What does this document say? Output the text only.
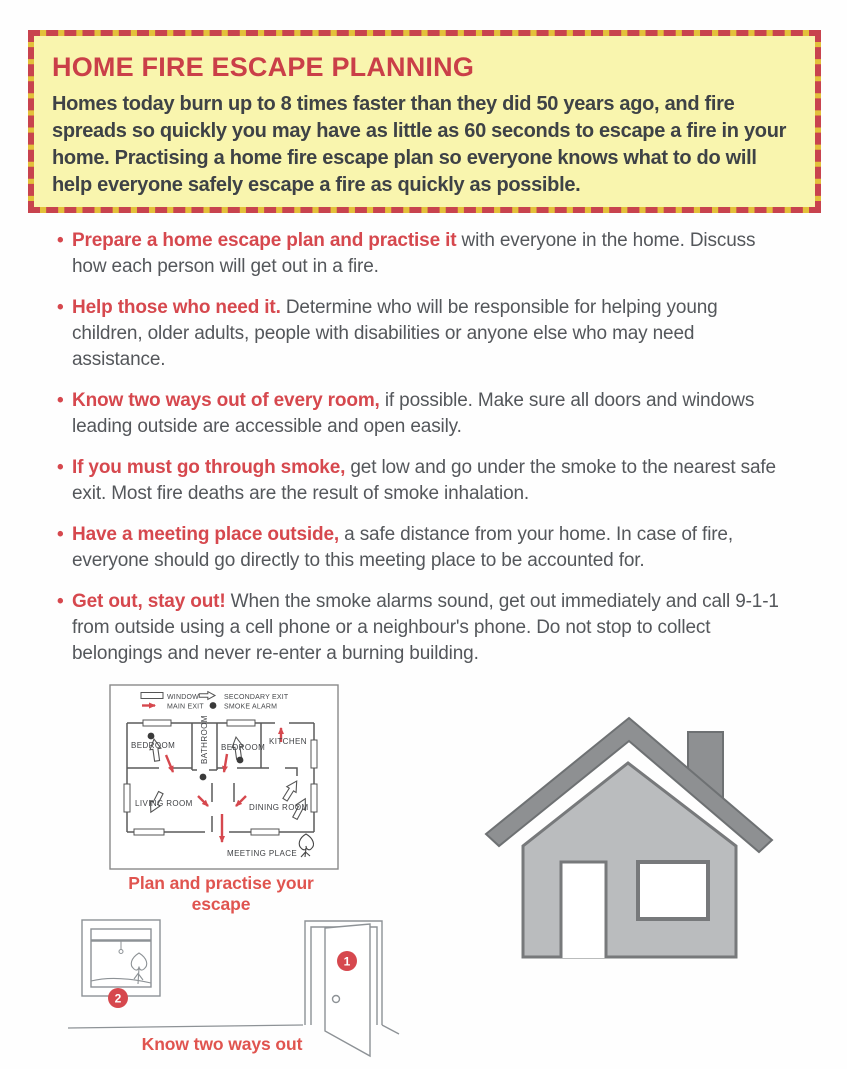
HOME FIRE ESCAPE PLANNING

Homes today burn up to 8 times faster than they did 50 years ago, and fire spreads so quickly you may have as little as 60 seconds to escape a fire in your home. Practising a home fire escape plan so everyone knows what to do will help everyone safely escape a fire as quickly as possible.

• Prepare a home escape plan and practise it with everyone in the home. Discuss how each person will get out in a fire.
• Help those who need it. Determine who will be responsible for helping young children, older adults, people with disabilities or anyone else who may need assistance.
• Know two ways out of every room, if possible. Make sure all doors and windows leading outside are accessible and open easily.
• If you must go through smoke, get low and go under the smoke to the nearest safe exit. Most fire deaths are the result of smoke inhalation.
• Have a meeting place outside, a safe distance from your home. In case of fire, everyone should go directly to this meeting place to be accounted for.
• Get out, stay out! When the smoke alarms sound, get out immediately and call 9-1-1 from outside using a cell phone or a neighbour's phone. Do not stop to collect belongings and never re-enter a burning building.
WINDOW
MAIN EXIT
SECONDARY EXIT
SMOKE ALARM
BEDROOM	BATHROOM BEDROOM
KITCHEN
LIVING ROOM	DINING ROOM
MEETING PLACE
Plan and practise your escape
2
1
Know two ways out
